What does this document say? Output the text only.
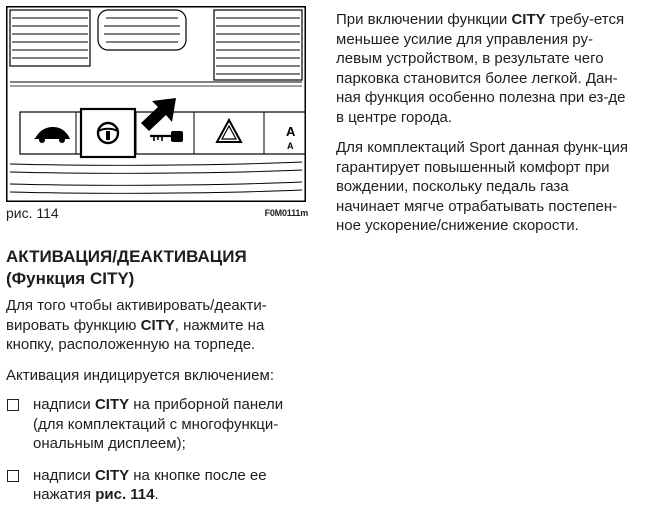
A
A
рис. 114	F0M0111m
АКТИВАЦИЯ/ДЕАКТИВАЦИЯ
(Функция CITY)

Для того чтобы активировать/деакти-вировать функцию CITY, нажмите на кнопку, расположенную на торпеде.

Активация индицируется включением:

надписи CITY на приборной панели (для комплектаций с многофункци-ональным дисплеем);
надписи CITY на кнопке после ее нажатия рис. 114.

При включении функции CITY требу-ется меньшее усилие для управления ру-левым устройством, в результате чего парковка становится более легкой. Дан-ная функция особенно полезна при ез-де в центре города.

Для комплектаций Sport данная функ-ция гарантирует повышенный комфорт при вождении, поскольку педаль газа начинает мягче отрабатывать постепен-ное ускорение/снижение скорости.
